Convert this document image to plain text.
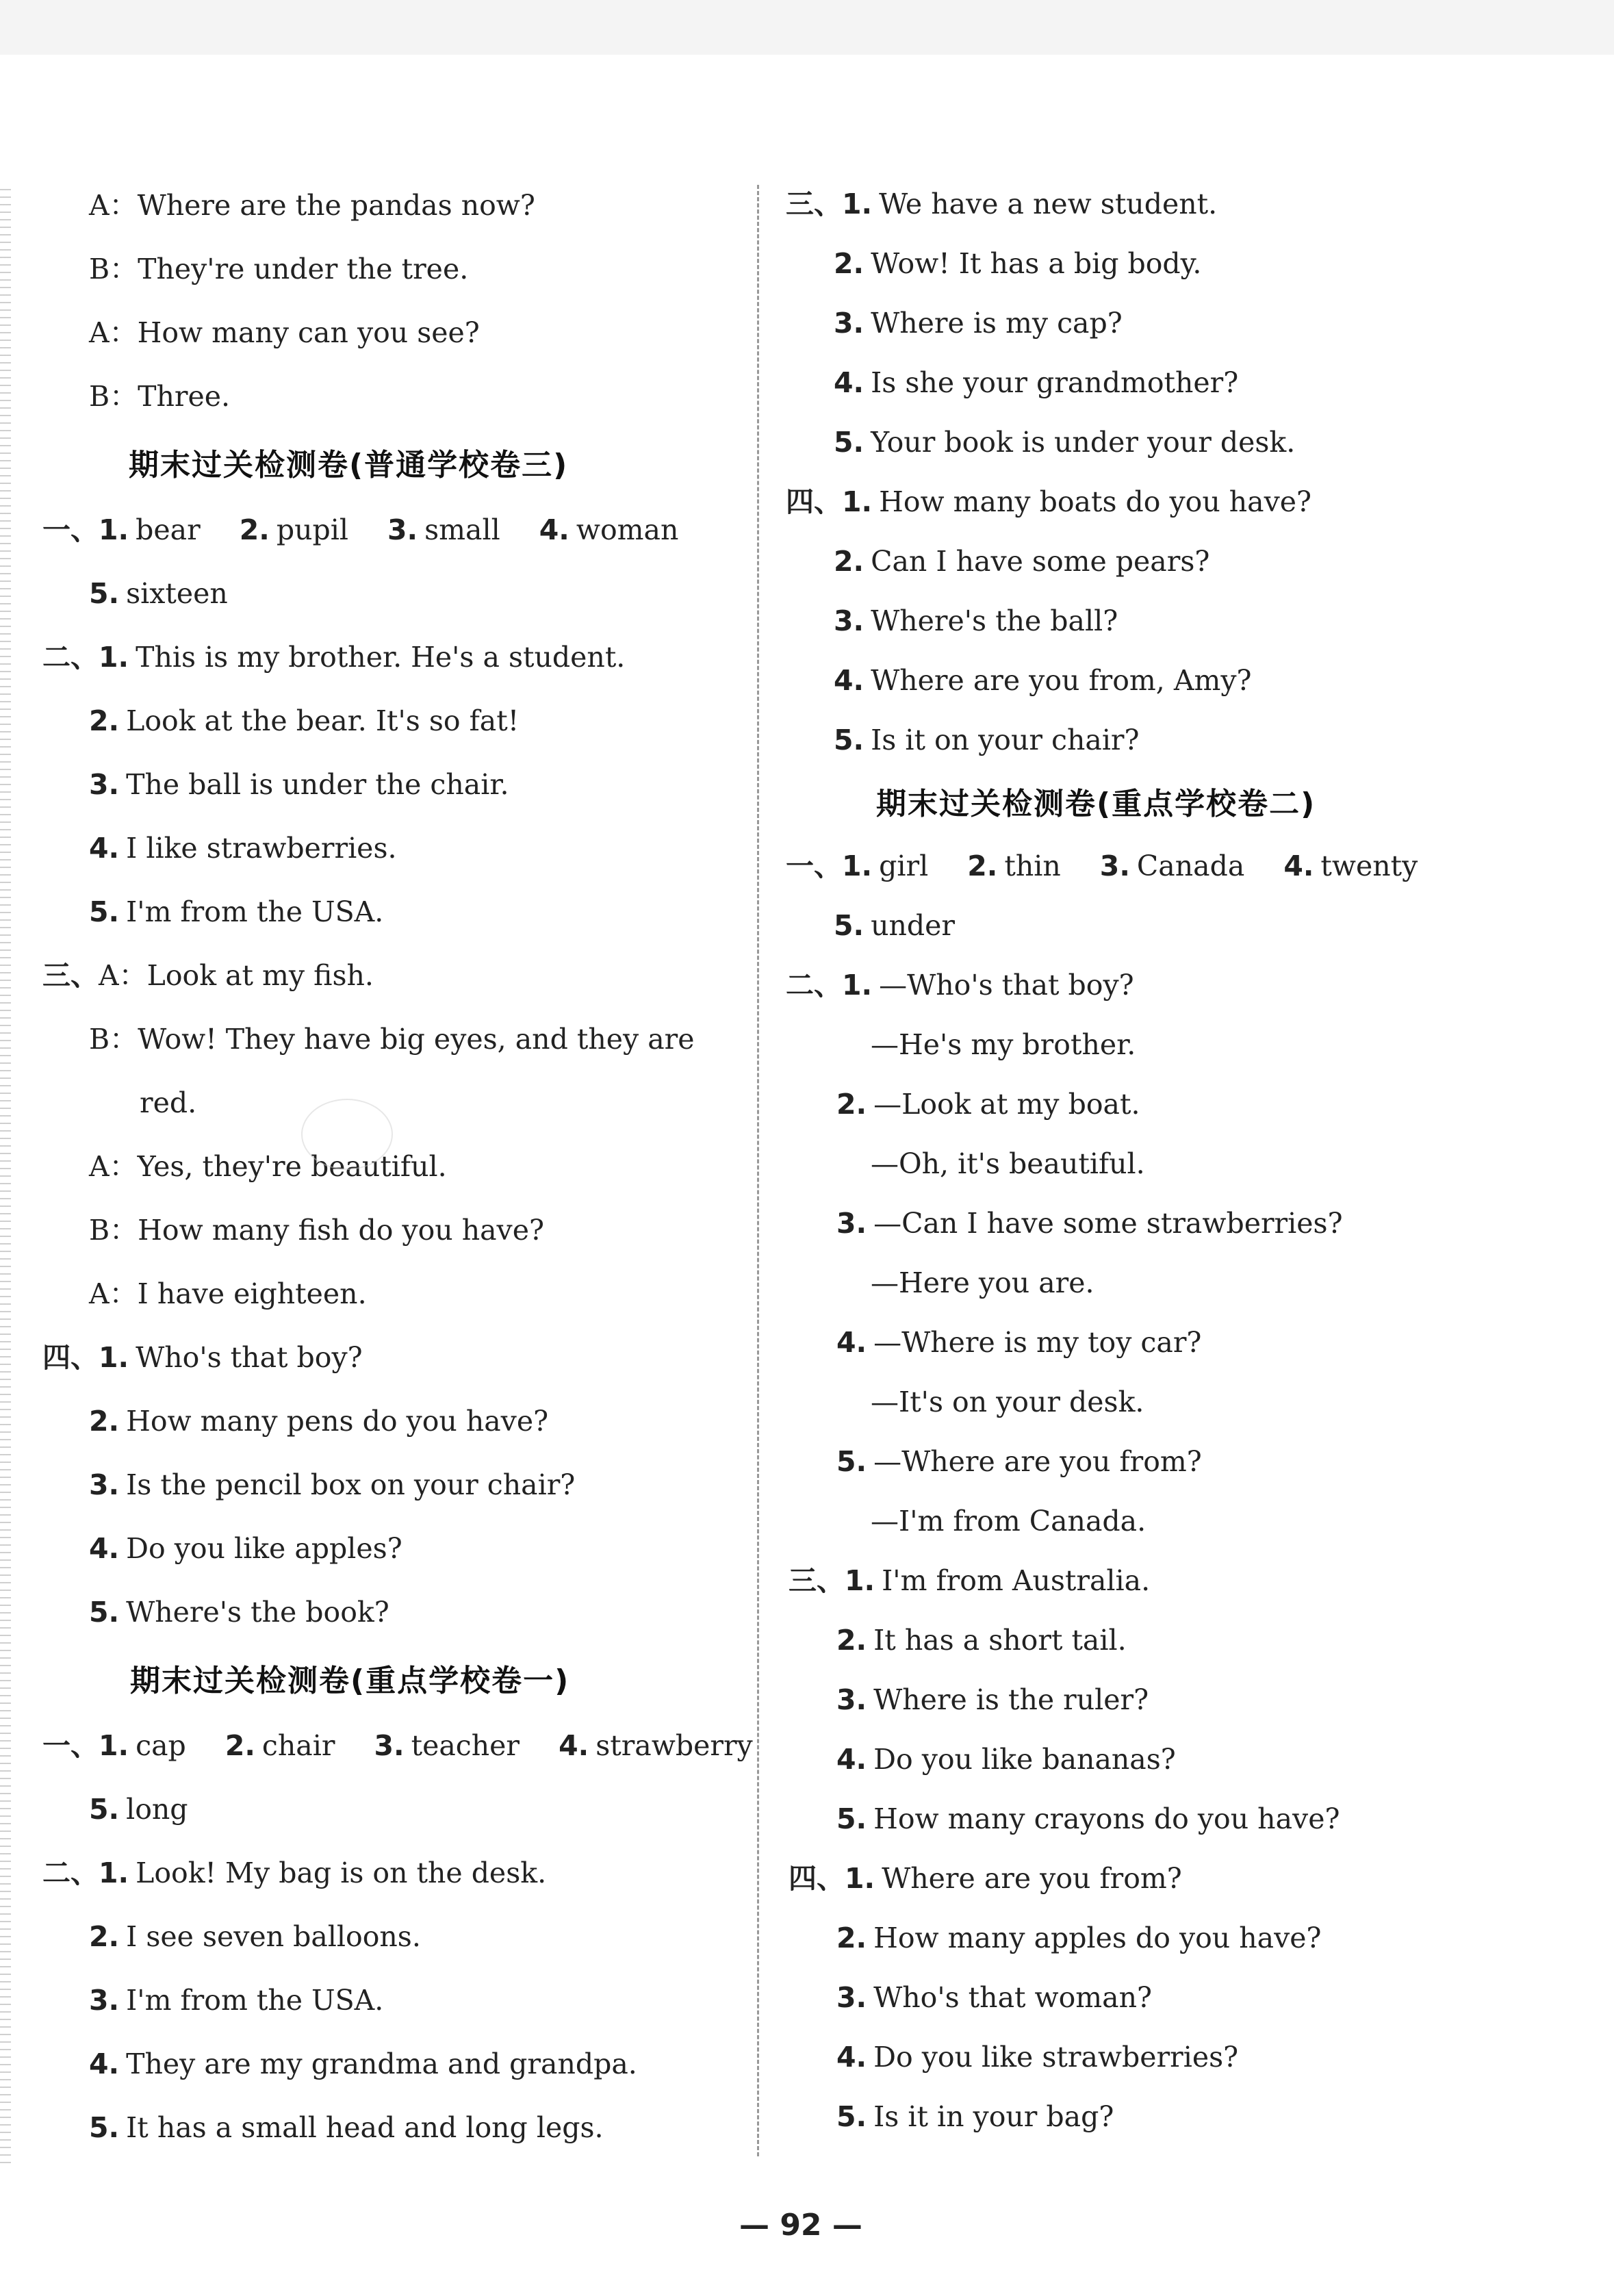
A：Where are the pandas now?
B：They're under the tree.
A：How many can you see?
B：Three.
期末过关检测卷(普通学校卷三)
一、1. bear 2. pupil 3. small 4. woman
5. sixteen
二、1. This is my brother. He's a student.
2. Look at the bear. It's so fat!
3. The ball is under the chair.
4. I like strawberries.
5. I'm from the USA.
三、A：Look at my fish.
B：Wow! They have big eyes, and they are
red.
A：Yes, they're beautiful.
B：How many fish do you have?
A：I have eighteen.
四、1. Who's that boy?
2. How many pens do you have?
3. Is the pencil box on your chair?
4. Do you like apples?
5. Where's the book?
期末过关检测卷(重点学校卷一)
一、1. cap 2. chair 3. teacher 4. strawberry
5. long
二、1. Look! My bag is on the desk.
2. I see seven balloons.
3. I'm from the USA.
4. They are my grandma and grandpa.
5. It has a small head and long legs.

三、1. We have a new student.
2. Wow! It has a big body.
3. Where is my cap?
4. Is she your grandmother?
5. Your book is under your desk.
四、1. How many boats do you have?
2. Can I have some pears?
3. Where's the ball?
4. Where are you from, Amy?
5. Is it on your chair?
期末过关检测卷(重点学校卷二)
一、1. girl 2. thin 3. Canada 4. twenty
5. under
二、1. —Who's that boy?
—He's my brother.
2. —Look at my boat.
—Oh, it's beautiful.
3. —Can I have some strawberries?
—Here you are.
4. —Where is my toy car?
—It's on your desk.
5. —Where are you from?
—I'm from Canada.
三、1. I'm from Australia.
2. It has a short tail.
3. Where is the ruler?
4. Do you like bananas?
5. How many crayons do you have?
四、1. Where are you from?
2. How many apples do you have?
3. Who's that woman?
4. Do you like strawberries?
5. Is it in your bag?
— 92 —
